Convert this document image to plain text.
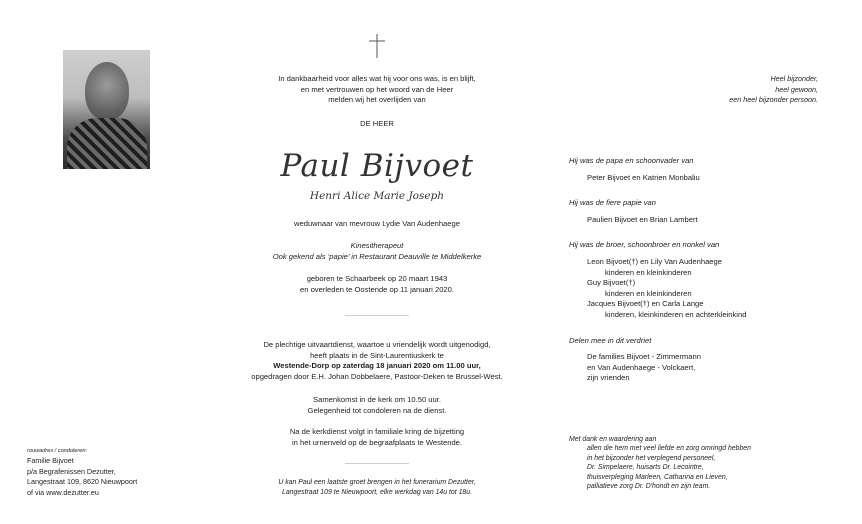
In dankbaarheid voor alles wat hij voor ons was, is en blijft,
en met vertrouwen op het woord van de Heer
melden wij het overlijden van
DE HEER
Paul Bijvoet
Henri Alice Marie Joseph
weduwnaar van mevrouw Lydie Van Audenhaege
Kinesitherapeut
Ook gekend als ‘papie’ in Restaurant Deauville te Middelkerke
geboren te Schaarbeek op 20 maart 1943
en overleden te Oostende op 11 januari 2020.
De plechtige uitvaartdienst, waartoe u vriendelijk wordt uitgenodigd,
heeft plaats in de Sint-Laurentiuskerk te
Westende-Dorp op zaterdag 18 januari 2020 om 11.00 uur,
opgedragen door E.H. Johan Dobbelaere, Pastoor-Deken te Brussel-West.
Samenkomst in de kerk om 10.50 uur.
Gelegenheid tot condoleren na de dienst.
Na de kerkdienst volgt in familiale kring de bijzetting
in het urnenveld op de begraafplaats te Westende.
U kan Paul een laatste groet brengen in het funerarium Dezutter,
Langestraat 109 te Nieuwpoort, elke werkdag van 14u tot 18u.
Heel bijzonder,
heel gewoon,
een heel bijzonder persoon.
rouwadres / condoleren:
Familie Bijvoet
p/a Begrafenissen Dezutter,
Langestraat 109, 8620 Nieuwpoort
of via www.dezutter.eu
Hij was de papa en schoonvader van
Peter Bijvoet en Katrien Monbaliu
Hij was de fiere papie van
Paulien Bijvoet en Brian Lambert
Hij was de broer, schoonbroer en nonkel van
Leon Bijvoet(†) en Lily Van Audenhaege
kinderen en kleinkinderen
Guy Bijvoet(†)
kinderen en kleinkinderen
Jacques Bijvoet(†) en Carla Lange
kinderen, kleinkinderen en achterkleinkind
Delen mee in dit verdriet
De families Bijvoet - Zimmermann
en Van Audenhaege - Volckaert,
zijn vrienden
Met dank en waardering aan
allen die hem met veel liefde en zorg omringd hebben
in het bijzonder het verplegend personeel,
Dr. Simpelaere, huisarts Dr. Lecointre,
thuisverpleging Marleen, Catharina en Lieven,
palliatieve zorg Dr. D'hondt en zijn team.
